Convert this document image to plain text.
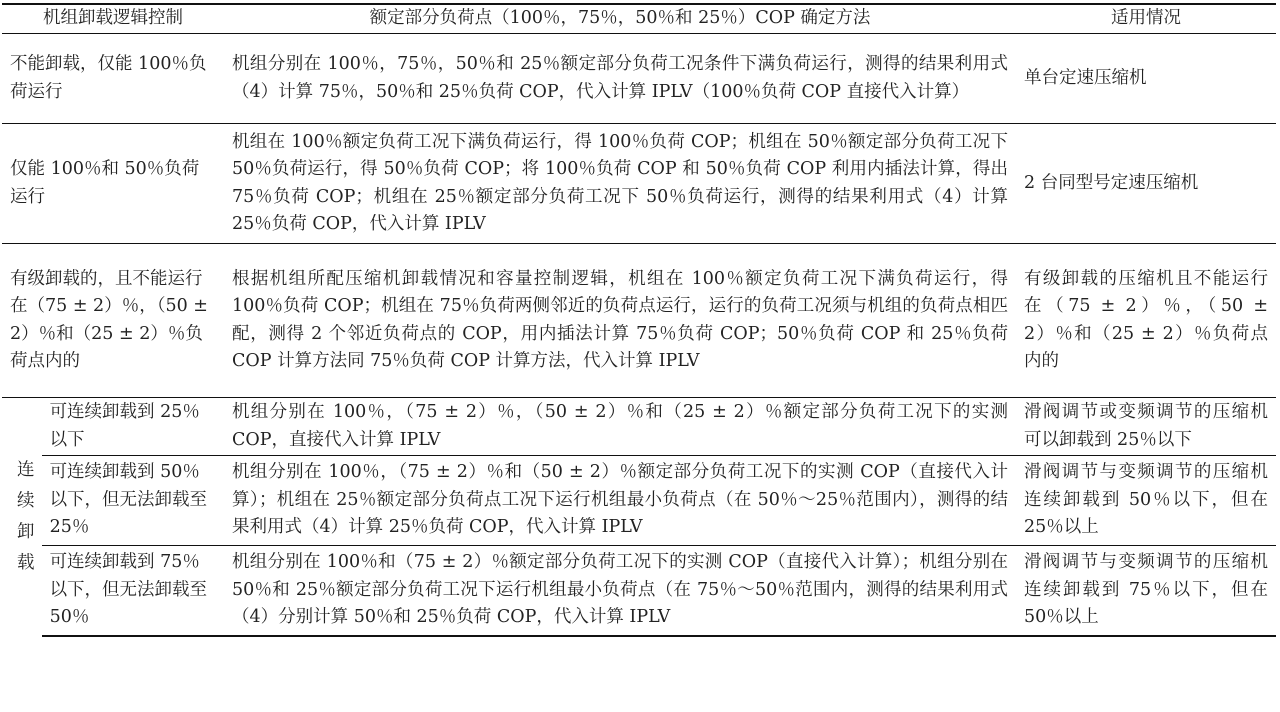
机组卸载逻辑控制		额定部分负荷点（100％，75％，50％和 25％）COP 确定方法	适用情况
不能卸载，仅能 100％负荷运行		机组分别在 100％，75％，50％和 25％额定部分负荷工况条件下满负荷运行，测得的结果利用式（4）计算 75％，50％和 25％负荷 COP，代入计算 IPLV（100％负荷 COP 直接代入计算）	单台定速压缩机
仅能 100％和 50％负荷运行		机组在 100％额定负荷工况下满负荷运行，得 100％负荷 COP；机组在 50％额定部分负荷工况下 50％负荷运行，得 50％负荷 COP；将 100％负荷 COP 和 50％负荷 COP 利用内插法计算，得出 75％负荷 COP；机组在 25％额定部分负荷工况下 50％负荷运行，测得的结果利用式（4）计算 25％负荷 COP，代入计算 IPLV	2 台同型号定速压缩机
有级卸载的，且不能运行在（75 ± 2）％，（50 ± 2）％和（25 ± 2）％负荷点内的		根据机组所配压缩机卸载情况和容量控制逻辑，机组在 100％额定负荷工况下满负荷运行，得 100％负荷 COP；机组在 75％负荷两侧邻近的负荷点运行，运行的负荷工况须与机组的负荷点相匹配，测得 2 个邻近负荷点的 COP，用内插法计算 75％负荷 COP；50％负荷 COP 和 25％负荷 COP 计算方法同 75％负荷 COP 计算方法，代入计算 IPLV	有级卸载的压缩机且不能运行在（75 ± 2）％，（50 ± 2）％和（25 ± 2）％负荷点内的

连
续
卸
载	可连续卸载到 25％以下	机组分别在 100％，（75 ± 2）％，（50 ± 2）％和（25 ± 2）％额定部分负荷工况下的实测 COP，直接代入计算 IPLV	滑阀调节或变频调节的压缩机可以卸载到 25％以下
	可连续卸载到 50％以下，但无法卸载至 25％	机组分别在 100％，（75 ± 2）％和（50 ± 2）％额定部分负荷工况下的实测 COP（直接代入计算）；机组在 25％额定部分负荷点工况下运行机组最小负荷点（在 50％～25％范围内），测得的结果利用式（4）计算 25％负荷 COP，代入计算 IPLV	滑阀调节与变频调节的压缩机连续卸载到 50％以下，但在 25％以上
	可连续卸载到 75％以下，但无法卸载至 50％	机组分别在 100％和（75 ± 2）％额定部分负荷工况下的实测 COP（直接代入计算）；机组分别在 50％和 25％额定部分负荷工况下运行机组最小负荷点（在 75％～50％范围内，测得的结果利用式（4）分别计算 50％和 25％负荷 COP，代入计算 IPLV	滑阀调节与变频调节的压缩机连续卸载到 75％以下，但在 50％以上
